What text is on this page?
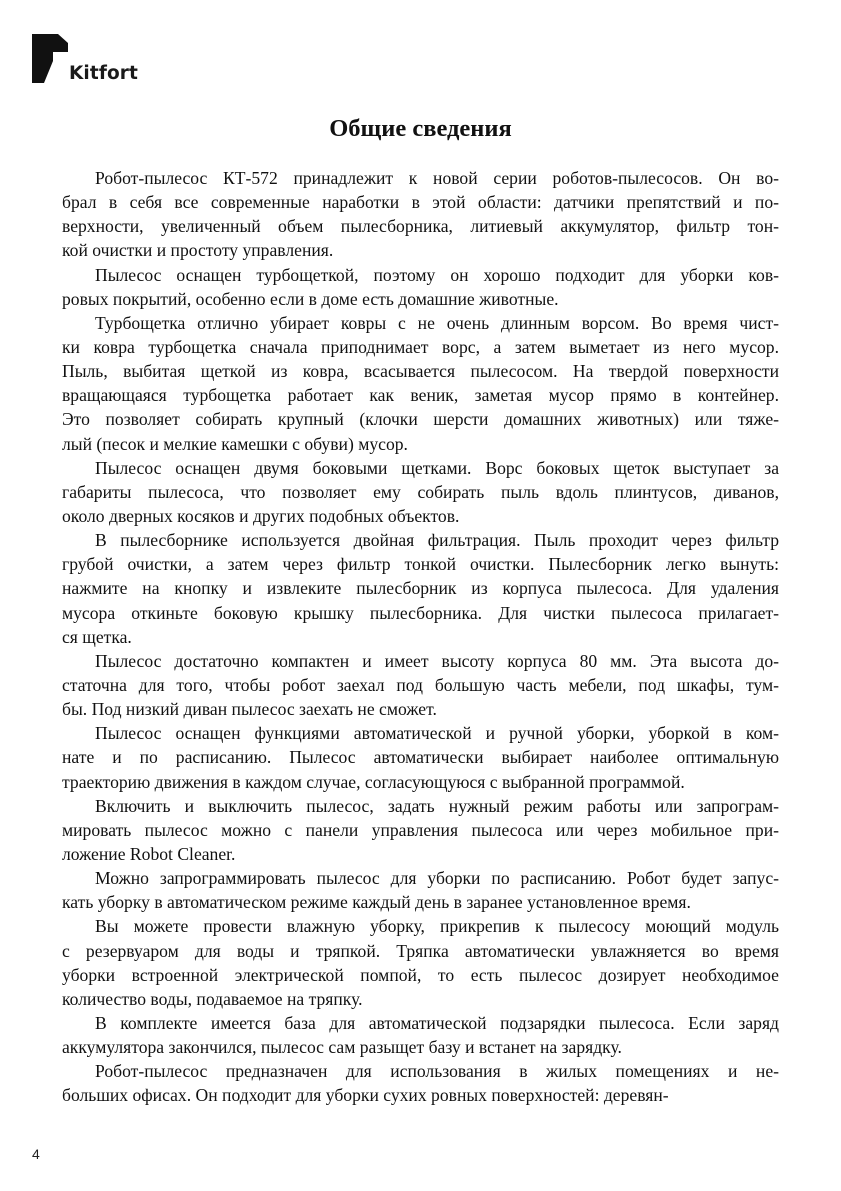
Kitfort
Общие сведения
Робот-пылесос КТ-572 принадлежит к новой серии роботов-пылесосов. Он во-
брал в себя все современные наработки в этой области: датчики препятствий и по-
верхности, увеличенный объем пылесборника, литиевый аккумулятор, фильтр тон-
кой очистки и простоту управления.
Пылесос оснащен турбощеткой, поэтому он хорошо подходит для уборки ков-
ровых покрытий, особенно если в доме есть домашние животные.
Турбощетка отлично убирает ковры с не очень длинным ворсом. Во время чист-
ки ковра турбощетка сначала приподнимает ворс, а затем выметает из него мусор.
Пыль, выбитая щеткой из ковра, всасывается пылесосом. На твердой поверхности
вращающаяся турбощетка работает как веник, заметая мусор прямо в контейнер.
Это позволяет собирать крупный (клочки шерсти домашних животных) или тяже-
лый (песок и мелкие камешки с обуви) мусор.
Пылесос оснащен двумя боковыми щетками. Ворс боковых щеток выступает за
габариты пылесоса, что позволяет ему собирать пыль вдоль плинтусов, диванов,
около дверных косяков и других подобных объектов.
В пылесборнике используется двойная фильтрация. Пыль проходит через фильтр
грубой очистки, а затем через фильтр тонкой очистки. Пылесборник легко вынуть:
нажмите на кнопку и извлеките пылесборник из корпуса пылесоса. Для удаления
мусора откиньте боковую крышку пылесборника. Для чистки пылесоса прилагает-
ся щетка.
Пылесос достаточно компактен и имеет высоту корпуса 80 мм. Эта высота до-
статочна для того, чтобы робот заехал под большую часть мебели, под шкафы, тум-
бы. Под низкий диван пылесос заехать не сможет.
Пылесос оснащен функциями автоматической и ручной уборки, уборкой в ком-
нате и по расписанию. Пылесос автоматически выбирает наиболее оптимальную
траекторию движения в каждом случае, согласующуюся с выбранной программой.
Включить и выключить пылесос, задать нужный режим работы или запрограм-
мировать пылесос можно с панели управления пылесоса или через мобильное при-
ложение Robot Cleaner.
Можно запрограммировать пылесос для уборки по расписанию. Робот будет запус-
кать уборку в автоматическом режиме каждый день в заранее установленное время.
Вы можете провести влажную уборку, прикрепив к пылесосу моющий модуль
с резервуаром для воды и тряпкой. Тряпка автоматически увлажняется во время
уборки встроенной электрической помпой, то есть пылесос дозирует необходимое
количество воды, подаваемое на тряпку.
В комплекте имеется база для автоматической подзарядки пылесоса. Если заряд
аккумулятора закончился, пылесос сам разыщет базу и встанет на зарядку.
Робот-пылесос предназначен для использования в жилых помещениях и не-
больших офисах. Он подходит для уборки сухих ровных поверхностей: деревян-
4
